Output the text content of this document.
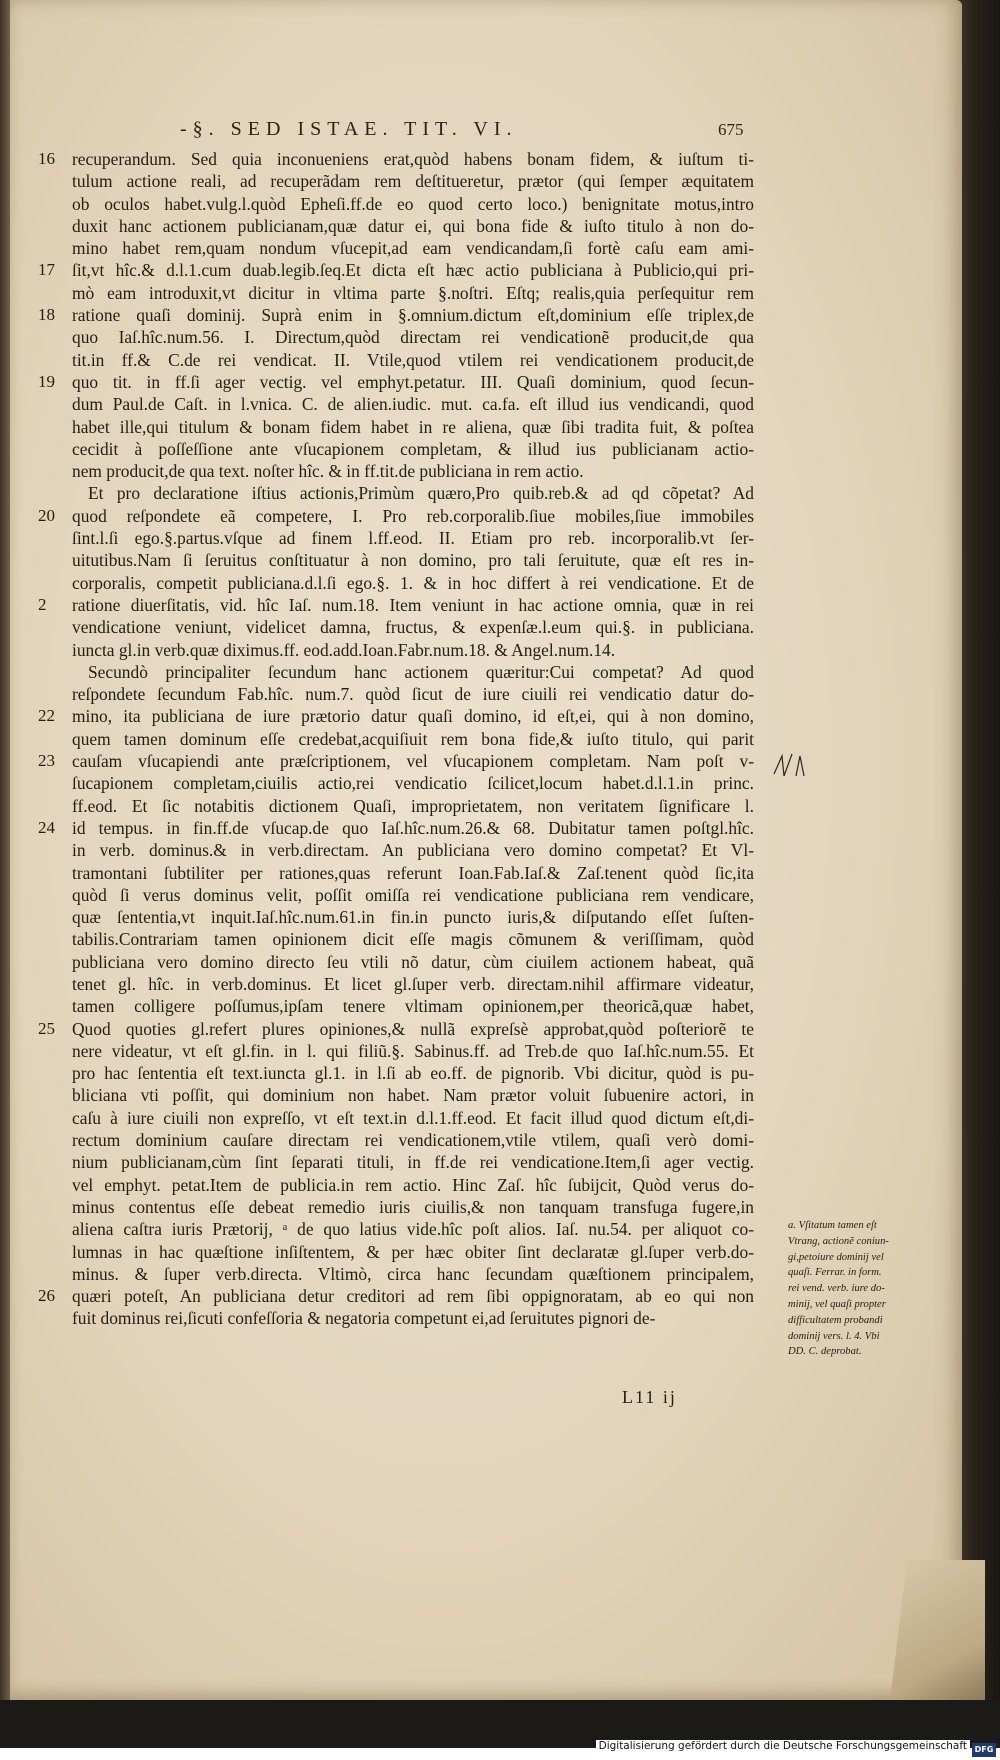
-§. SED ISTAE. TIT. VI.	675
16 recuperandum. Sed quia inconueniens erat,quòd habens bonam fidem, & iuſtum ti-
tulum actione reali, ad recuperãdam rem deſtitueretur, prætor (qui ſemper æquitatem
ob oculos habet.vulg.l.quòd Epheſi.ff.de eo quod certo loco.) benignitate motus,intro
duxit hanc actionem publicianam,quæ datur ei, qui bona fide & iuſto titulo à non do-
mino habet rem,quam nondum vſucepit,ad eam vendicandam,ſi fortè caſu eam ami-
17 ſit,vt hîc.& d.l.1.cum duab.legib.ſeq.Et dicta eſt hæc actio publiciana à Publicio,qui pri-
mò eam introduxit,vt dicitur in vltima parte §.noſtri. Eſtq; realis,quia perſequitur rem
18 ratione quaſi dominij. Suprà enim in §.omnium.dictum eſt,dominium eſſe triplex,de
quo Iaſ.hîc.num.56. I. Directum,quòd directam rei vendicationẽ producit,de qua
tit.in ff.& C.de rei vendicat. II. Vtile,quod vtilem rei vendicationem producit,de
19 quo tit. in ff.ſi ager vectig. vel emphyt.petatur. III. Quaſi dominium, quod ſecun-
dum Paul.de Caſt. in l.vnica. C. de alien.iudic. mut. ca.fa. eſt illud ius vendicandi, quod
habet ille,qui titulum & bonam fidem habet in re aliena, quæ ſibi tradita fuit, & poſtea
cecidit à poſſeſſione ante vſucapionem completam, & illud ius publicianam actio-
nem producit,de qua text. noſter hîc. & in ff.tit.de publiciana in rem actio.
Et pro declaratione iſtius actionis,Primùm quæro,Pro quib.reb.& ad qd cõpetat? Ad
20 quod reſpondete eã competere, I. Pro reb.corporalib.ſiue mobiles,ſiue immobiles
ſint.l.ſi ego.§.partus.vſque ad finem l.ff.eod. II. Etiam pro reb. incorporalib.vt ſer-
uitutibus.Nam ſi ſeruitus conſtituatur à non domino, pro tali ſeruitute, quæ eſt res in-
corporalis, competit publiciana.d.l.ſi ego.§. 1. & in hoc differt à rei vendicatione. Et de
2	ratione diuerſitatis, vid. hîc Iaſ. num.18. Item veniunt in hac actione omnia, quæ in rei
vendicatione veniunt, videlicet damna, fructus, & expenſæ.l.eum qui.§. in publiciana.
iuncta gl.in verb.quæ diximus.ff. eod.add.Ioan.Fabr.num.18. & Angel.num.14.
Secundò principaliter ſecundum hanc actionem quæritur:Cui competat? Ad quod
reſpondete ſecundum Fab.hîc. num.7. quòd ſicut de iure ciuili rei vendicatio datur do-
22 mino, ita publiciana de iure prætorio datur quaſi domino, id eſt,ei, qui à non domino,
quem tamen dominum eſſe credebat,acquiſiuit rem bona fide,& iuſto titulo, qui parit
23 cauſam vſucapiendi ante præſcriptionem, vel vſucapionem completam. Nam poſt v-
ſucapionem completam,ciuilis actio,rei vendicatio ſcilicet,locum habet.d.l.1.in princ.
ff.eod. Et ſic notabitis dictionem Quaſi, improprietatem, non veritatem ſignificare l.
24 id tempus. in fin.ff.de vſucap.de quo Iaſ.hîc.num.26.& 68. Dubitatur tamen poſtgl.hîc.
in verb. dominus.& in verb.directam. An publiciana vero domino competat? Et Vl-
tramontani ſubtiliter per rationes,quas referunt Ioan.Fab.Iaſ.& Zaſ.tenent quòd ſic,ita
quòd ſi verus dominus velit, poſſit omiſſa rei vendicatione publiciana rem vendicare,
quæ ſententia,vt inquit.Iaſ.hîc.num.61.in fin.in puncto iuris,& diſputando eſſet ſuſten-
tabilis.Contrariam tamen opinionem dicit eſſe magis cõmunem & veriſſimam, quòd
publiciana vero domino directo ſeu vtili nõ datur, cùm ciuilem actionem habeat, quã
tenet gl. hîc. in verb.dominus. Et licet gl.ſuper verb. directam.nihil affirmare videatur,
tamen colligere poſſumus,ipſam tenere vltimam opinionem,per theoricã,quæ habet,
25 Quod quoties gl.refert plures opiniones,& nullã expreſsè approbat,quòd poſteriorẽ te
nere videatur, vt eſt gl.fin. in l. qui filiũ.§. Sabinus.ff. ad Treb.de quo Iaſ.hîc.num.55. Et
pro hac ſententia eſt text.iuncta gl.1. in l.ſi ab eo.ff. de pignorib. Vbi dicitur, quòd is pu-
bliciana vti poſſit, qui dominium non habet. Nam prætor voluit ſubuenire actori, in
caſu à iure ciuili non expreſſo, vt eſt text.in d.l.1.ff.eod. Et facit illud quod dictum eſt,di-
rectum dominium cauſare directam rei vendicationem,vtile vtilem, quaſi verò domi-
nium publicianam,cùm ſint ſeparati tituli, in ff.de rei vendicatione.Item,ſi ager vectig.
vel emphyt. petat.Item de publicia.in rem actio. Hinc Zaſ. hîc ſubijcit, Quòd verus do-
minus contentus eſſe debeat remedio iuris ciuilis,& non tanquam transfuga fugere,in
aliena caſtra iuris Prætorij, ᵃ de quo latius vide.hîc poſt alios. Iaſ. nu.54. per aliquot co-
lumnas in hac quæſtione inſiſtentem, & per hæc obiter ſint declaratæ gl.ſuper verb.do-
minus. & ſuper verb.directa. Vltimò, circa hanc ſecundam quæſtionem principalem,
26 quæri poteſt, An publiciana detur creditori ad rem ſibi oppignoratam, ab eo qui non
fuit dominus rei,ſicuti confeſſoria & negatoria competunt ei,ad ſeruitutes pignori de-
a. Vſitatum tamen eſt
Vtrang, actionẽ coniun-
gi,petoiure dominij vel
quaſi. Ferrar. in form.
rei vend. verb. iure do-
minij, vel quaſi propter
difficultatem probandi
dominij vers. l. 4. Vbi
DD. C. deprobat.
L11 ij
Digitalisierung gefördert durch die Deutsche Forschungsgemeinschaft DFG
